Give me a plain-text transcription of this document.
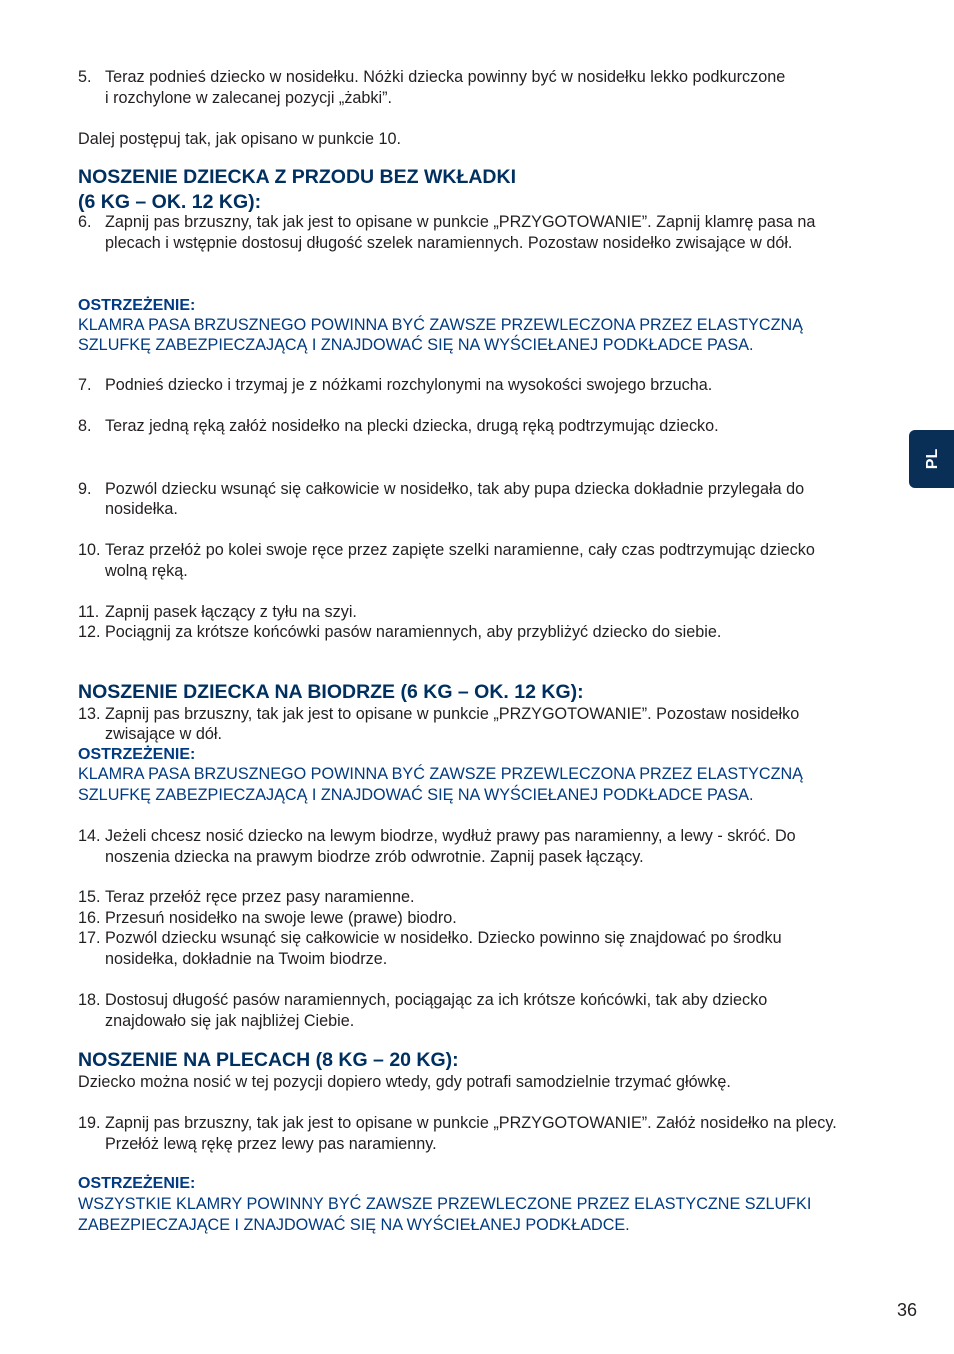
5. Teraz podnieś dziecko w nosidełku. Nóżki dziecka powinny być w nosidełku lekko podkurczone
i rozchylone w zalecanej pozycji „żabki”.
Dalej postępuj tak, jak opisano w punkcie 10.
NOSZENIE DZIECKA Z PRZODU BEZ WKŁADKI
(6 KG – OK. 12 KG):
6. Zapnij pas brzuszny, tak jak jest to opisane w punkcie „PRZYGOTOWANIE”. Zapnij klamrę pasa na
plecach i wstępnie dostosuj długość szelek naramiennych. Pozostaw nosidełko zwisające w dół.
OSTRZEŻENIE:
KLAMRA PASA BRZUSZNEGO POWINNA BYĆ ZAWSZE PRZEWLECZONA PRZEZ ELASTYCZNĄ
SZLUFKĘ ZABEZPIECZAJĄCĄ I ZNAJDOWAĆ SIĘ NA WYŚCIEŁANEJ PODKŁADCE PASA.
7. Podnieś dziecko i trzymaj je z nóżkami rozchylonymi na wysokości swojego brzucha.
8. Teraz jedną ręką załóż nosidełko na plecki dziecka, drugą ręką podtrzymując dziecko.
9. Pozwól dziecku wsunąć się całkowicie w nosidełko, tak aby pupa dziecka dokładnie przylegała do
nosidełka.
10. Teraz przełóż po kolei swoje ręce przez zapięte szelki naramienne, cały czas podtrzymując dziecko
wolną ręką.
11. Zapnij pasek łączący z tyłu na szyi.
12. Pociągnij za krótsze końcówki pasów naramiennych, aby przybliżyć dziecko do siebie.
NOSZENIE DZIECKA NA BIODRZE (6 KG – OK. 12 KG):
13. Zapnij pas brzuszny, tak jak jest to opisane w punkcie „PRZYGOTOWANIE”. Pozostaw nosidełko
zwisające w dół.
OSTRZEŻENIE:
KLAMRA PASA BRZUSZNEGO POWINNA BYĆ ZAWSZE PRZEWLECZONA PRZEZ ELASTYCZNĄ
SZLUFKĘ ZABEZPIECZAJĄCĄ I ZNAJDOWAĆ SIĘ NA WYŚCIEŁANEJ PODKŁADCE PASA.
14. Jeżeli chcesz nosić dziecko na lewym biodrze, wydłuż prawy pas naramienny, a lewy - skróć. Do
noszenia dziecka na prawym biodrze zrób odwrotnie. Zapnij pasek łączący.
15. Teraz przełóż ręce przez pasy naramienne.
16. Przesuń nosidełko na swoje lewe (prawe) biodro.
17. Pozwól dziecku wsunąć się całkowicie w nosidełko. Dziecko powinno się znajdować po środku
nosidełka, dokładnie na Twoim biodrze.
18. Dostosuj długość pasów naramiennych, pociągając za ich krótsze końcówki, tak aby dziecko
znajdowało się jak najbliżej Ciebie.
NOSZENIE NA PLECACH (8 KG – 20 KG):
Dziecko można nosić w tej pozycji dopiero wtedy, gdy potrafi samodzielnie trzymać główkę.
19. Zapnij pas brzuszny, tak jak jest to opisane w punkcie „PRZYGOTOWANIE”. Załóż nosidełko na plecy.
Przełóż lewą rękę przez lewy pas naramienny.
OSTRZEŻENIE:
WSZYSTKIE KLAMRY POWINNY BYĆ ZAWSZE PRZEWLECZONE PRZEZ ELASTYCZNE SZLUFKI
ZABEZPIECZAJĄCE I ZNAJDOWAĆ SIĘ NA WYŚCIEŁANEJ PODKŁADCE.
PL
36
